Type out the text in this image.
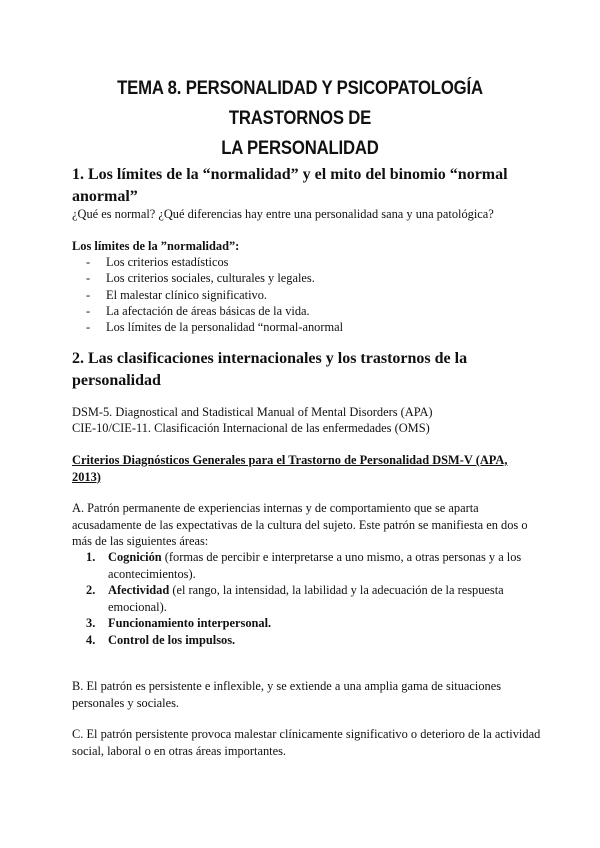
TEMA 8. PERSONALIDAD Y PSICOPATOLOGÍA TRASTORNOS DE
LA PERSONALIDAD
1. Los límites de la “normalidad” y el mito del binomio “normal anormal”
¿Qué es normal? ¿Qué diferencias hay entre una personalidad sana y una patológica?
Los límites de la ”normalidad”:
- Los criterios estadísticos
- Los criterios sociales, culturales y legales.
- El malestar clínico significativo.
- La afectación de áreas básicas de la vida.
- Los límites de la personalidad “normal-anormal
2. Las clasificaciones internacionales y los trastornos de la personalidad
DSM-5. Diagnostical and Stadistical Manual of Mental Disorders (APA)
CIE-10/CIE-11. Clasificación Internacional de las enfermedades (OMS)
Criterios Diagnósticos Generales para el Trastorno de Personalidad DSM-V (APA, 2013)
A. Patrón permanente de experiencias internas y de comportamiento que se aparta acusadamente de las expectativas de la cultura del sujeto. Este patrón se manifiesta en dos o más de las siguientes áreas:
1. Cognición (formas de percibir e interpretarse a uno mismo, a otras personas y a los acontecimientos).
2. Afectividad (el rango, la intensidad, la labilidad y la adecuación de la respuesta emocional).
3. Funcionamiento interpersonal.
4. Control de los impulsos.
B. El patrón es persistente e inflexible, y se extiende a una amplia gama de situaciones personales y sociales.
C. El patrón persistente provoca malestar clínicamente significativo o deterioro de la actividad social, laboral o en otras áreas importantes.
